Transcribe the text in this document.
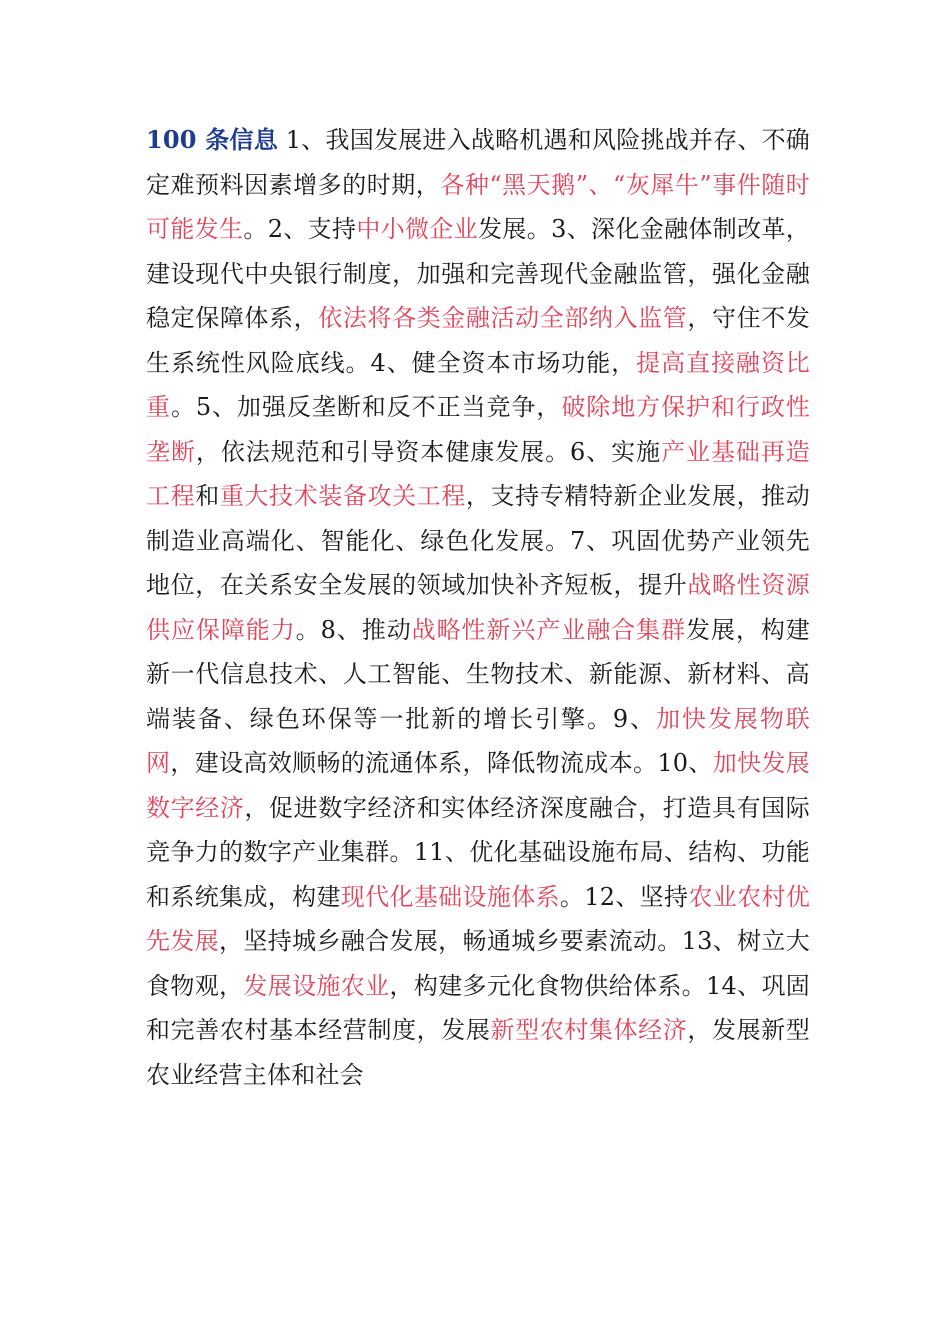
100 条信息 1、我国发展进入战略机遇和风险挑战并存、不确定难预料因素增多的时期，各种“黑天鹅”、“灰犀牛”事件随时可能发生。2、支持中小微企业发展。3、深化金融体制改革，建设现代中央银行制度，加强和完善现代金融监管，强化金融稳定保障体系，依法将各类金融活动全部纳入监管，守住不发生系统性风险底线。4、健全资本市场功能，提高直接融资比重。5、加强反垄断和反不正当竞争，破除地方保护和行政性垄断，依法规范和引导资本健康发展。6、实施产业基础再造工程和重大技术装备攻关工程，支持专精特新企业发展，推动制造业高端化、智能化、绿色化发展。7、巩固优势产业领先地位，在关系安全发展的领域加快补齐短板，提升战略性资源供应保障能力。8、推动战略性新兴产业融合集群发展，构建新一代信息技术、人工智能、生物技术、新能源、新材料、高端装备、绿色环保等一批新的增长引擎。9、加快发展物联网，建设高效顺畅的流通体系，降低物流成本。10、加快发展数字经济，促进数字经济和实体经济深度融合，打造具有国际竞争力的数字产业集群。11、优化基础设施布局、结构、功能和系统集成，构建现代化基础设施体系。12、坚持农业农村优先发展，坚持城乡融合发展，畅通城乡要素流动。13、树立大食物观，发展设施农业，构建多元化食物供给体系。14、巩固和完善农村基本经营制度，发展新型农村集体经济，发展新型农业经营主体和社会
